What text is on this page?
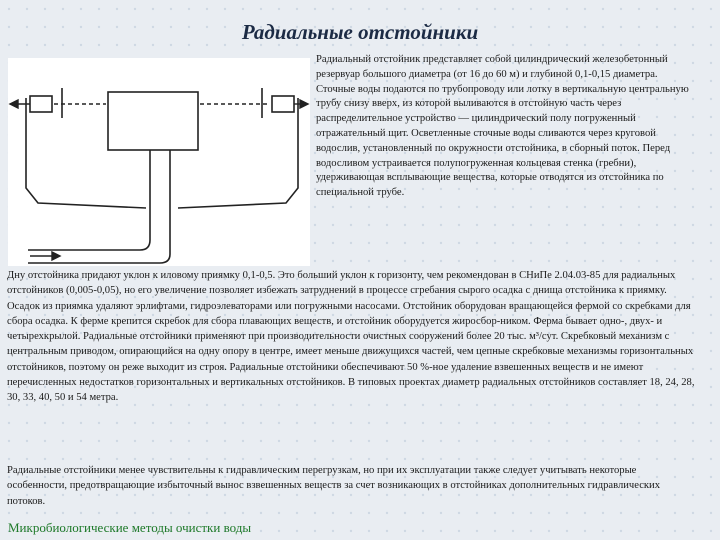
Радиальные отстойники

Радиальный отстойник представляет собой цилиндрический железобетонный резервуар большого диаметра (от 16 до 60 м) и глубиной 0,1-0,15 диаметра. Сточные воды подаются по трубопроводу или лотку в вертикальную центральную трубу снизу вверх, из которой выливаются в отстойную часть через распределительное устройство — цилиндрический полу погруженный отражательный щит. Осветленные сточные воды сливаются через круговой водослив, установленный по окружности отстойника, в сборный поток. Перед водосливом устраивается полупогруженная кольцевая стенка (гребни), удерживающая всплывающие вещества, которые отводятся из отстойника по специальной трубе.

Дну отстойника придают уклон к иловому приямку 0,1-0,5. Это больший уклон к горизонту, чем рекомендован в СНиПе 2.04.03-85 для радиальных отстойников (0,005-0,05), но его увеличение позволяет избежать затруднений в процессе сгребания сырого осадка с днища отстойника к приямку. Осадок из приямка удаляют эрлифтами, гидроэлеваторами или погружными насосами. Отстойник оборудован вращающейся фермой со скребками для сбора осадка. К ферме крепится скребок для сбора плавающих веществ, и отстойник оборудуется жиросбор-ником. Ферма бывает одно-, двух- и четырехкрылой. Радиальные отстойники применяют при производительности очистных сооружений более 20 тыс. м³/сут. Скребковый механизм с центральным приводом, опирающийся на одну опору в центре, имеет меньше движущихся частей, чем цепные скребковые механизмы горизонтальных отстойников, поэтому он реже выходит из строя. Радиальные отстойники обеспечивают 50 %-ное удаление взвешенных веществ и не имеют перечисленных недостатков горизонтальных и вертикальных отстойников. В типовых проектах диаметр радиальных отстойников составляет 18, 24, 28, 30, 33, 40, 50 и 54 метра.

Радиальные отстойники менее чувствительны к гидравлическим перегрузкам, но при их эксплуатации также следует учитывать некоторые особенности, предотвращающие избыточный вынос взвешенных веществ за счет возникающих в отстойниках дополнительных гидравлических потоков.

Микробиологические методы очистки воды
